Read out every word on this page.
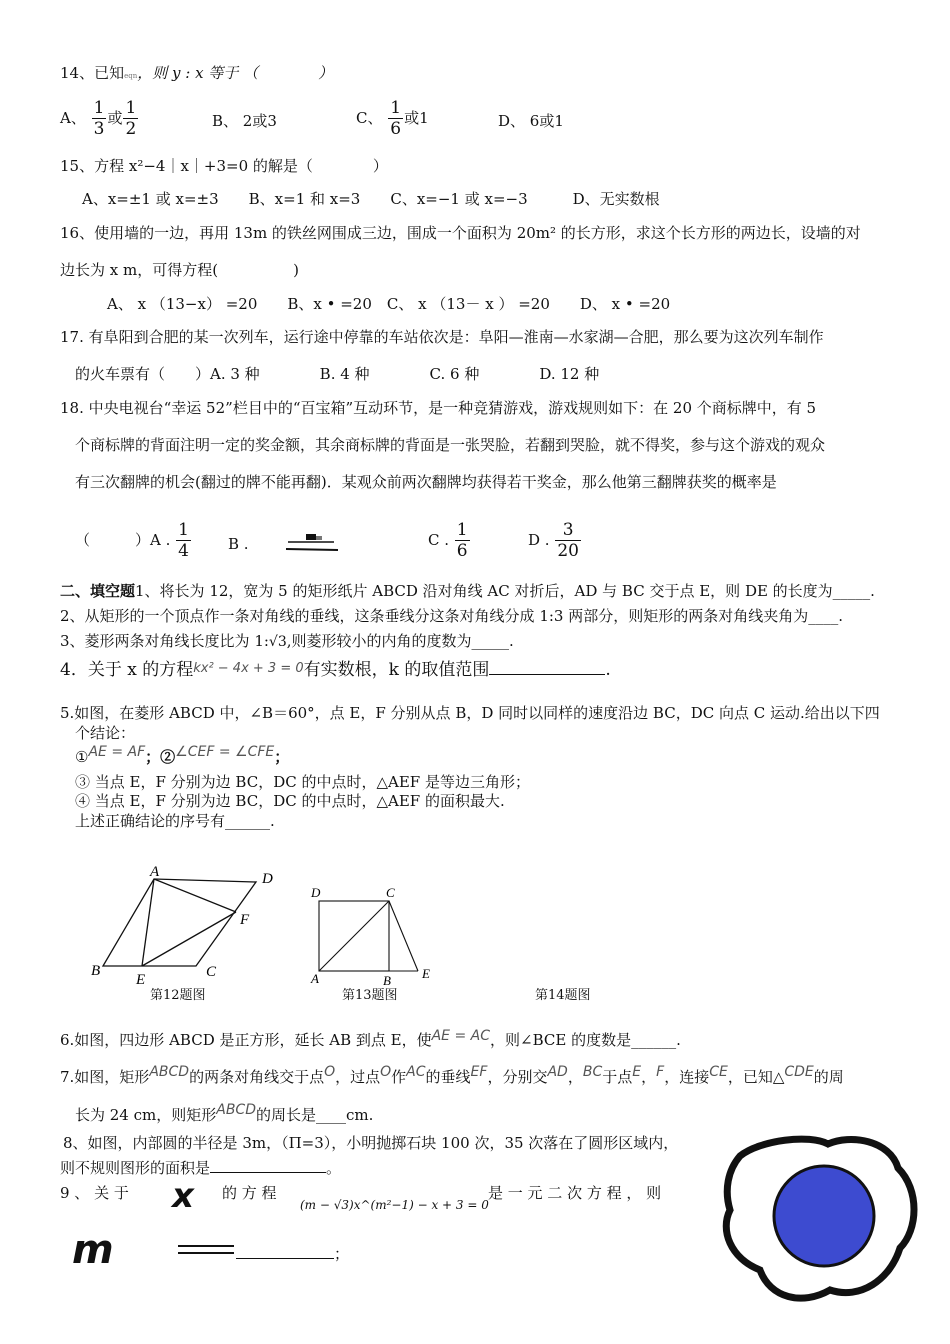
14、已知eqn，则 y : x 等于 （　　　　）
A、 $\frac{1}{3}$ 或 $\frac{1}{2}$	B、 2或3	C、 $\frac{1}{6}$ 或1	D、 6或1
15、方程 x²−4｜x｜+3=0 的解是（　　　　）
A、x=±1 或 x=±3　　B、x=1 和 x=3　　C、x=−1 或 x=−3　　　D、无实数根
16、使用墙的一边，再用 13m 的铁丝网围成三边，围成一个面积为 20m² 的长方形，求这个长方形的两边长，设墙的对
边长为 x m，可得方程(　　　　　)
A、 x （13−x） =20　　B、x • =20　C、 x （13－ x ） =20　　D、 x • =20
17. 有阜阳到合肥的某一次列车，运行途中停靠的车站依次是：阜阳—淮南—水家湖—合肥，那么要为这次列车制作
的火车票有（　　）A. 3 种　　　　B. 4 种　　　　C. 6 种　　　　D. 12 种
18. 中央电视台“幸运 52”栏目中的“百宝箱”互动环节，是一种竞猜游戏，游戏规则如下：在 20 个商标牌中，有 5
个商标牌的背面注明一定的奖金额，其余商标牌的背面是一张哭脸，若翻到哭脸，就不得奖，参与这个游戏的观众
有三次翻牌的机会(翻过的牌不能再翻)．某观众前两次翻牌均获得若干奖金，那么他第三翻牌获奖的概率是
（　　　）A . $\frac{1}{4}$ B .	C . $\frac{1}{6}$	D . $\frac{3}{20}$
二、填空题1、将长为 12，宽为 5 的矩形纸片 ABCD 沿对角线 AC 对折后，AD 与 BC 交于点 E，则 DE 的长度为_____.
2、从矩形的一个顶点作一条对角线的垂线，这条垂线分这条对角线分成 1:3 两部分，则矩形的两条对角线夹角为____.
3、菱形两条对角线长度比为 1:√3,则菱形较小的内角的度数为_____.
4．关于 x 的方程kx² − 4x + 3 = 0有实数根，k 的取值范围	.
5.如图，在菱形 ABCD 中，∠B＝60°，点 E，F 分别从点 B，D 同时以同样的速度沿边 BC，DC 向点 C 运动.给出以下四
个结论：
①AE = AF；②∠CEF = ∠CFE；
③ 当点 E，F 分别为边 BC，DC 的中点时，△AEF 是等边三角形；
④ 当点 E，F 分别为边 BC，DC 的中点时，△AEF 的面积最大.
上述正确结论的序号有______.
A	D
F
B
E	C
第12题图
D	C
A	B E
第13题图	第14题图
6.如图，四边形 ABCD 是正方形，延长 AB 到点 E，使AE = AC，则∠BCE 的度数是______.
7.如图，矩形ABCD的两条对角线交于点O，过点O作AC的垂线EF，分别交AD，BC于点E，F，连接CE，已知△CDE的周
长为 24 cm，则矩形ABCD的周长是____cm.
8、如图，内部圆的半径是 3m，（Π=3），小明抛掷石块 100 次，35 次落在了圆形区域内，
则不规则图形的面积是	。
9 、 关 于 x 的 方 程
(m − √3)x^(m²−1) − x + 3 = 0
是 一 元 二 次 方 程 ， 则
m	；
